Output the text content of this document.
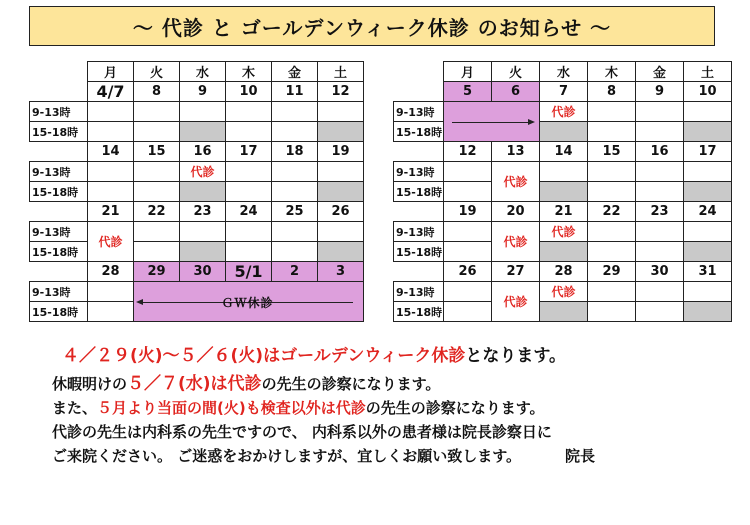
～ 代診 と ゴールデンウィーク休診 のお知らせ ～
	月	火	水	木	金	土
	4/7	8	9	10	11	12
9-13時						
15-18時						
	14	15	16	17	18	19
9-13時			代診			
15-18時						
	21	22	23	24	25	26
9-13時	代診					
15-18時						
	28	29	30	5/1	2	3
9-13時		ＧＷ休診				

15-18時						
	月	火	水	木	金	土
	5	6	7	8	9	10
9-13時			代診			
15-18時						
	12	13	14	15	16	17
9-13時		代診				
15-18時						
	19	20	21	22	23	24
9-13時		代診	代診			
15-18時						
	26	27	28	29	30	31
9-13時		代診	代診			
15-18時						

４／２９(火)～５／６(火)はゴールデンウィーク休診となります。

休暇明けの５／７(水)は代診の先生の診察になります。

また、５月より当面の間(火)も検査以外は代診の先生の診察になります。

代診の先生は内科系の先生ですので、 内科系以外の患者様は院長診察日に

ご来院ください。 ご迷惑をおかけしますが、宜しくお願い致します。	院長
